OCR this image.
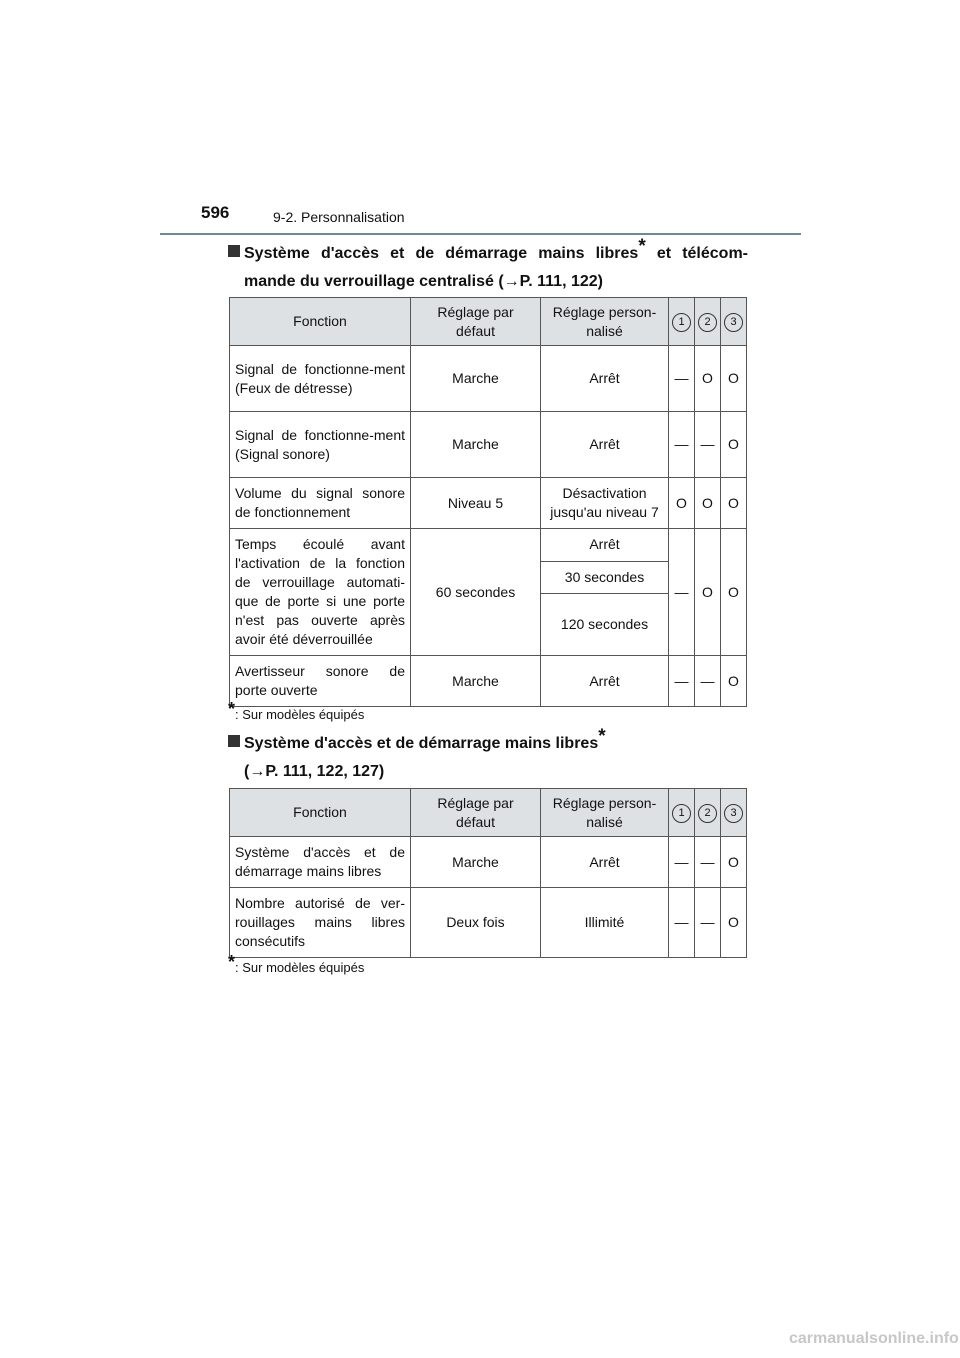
596	9-2. Personnalisation
Système d'accès et de démarrage mains libres* et télécom-
mande du verrouillage centralisé (→P. 111, 122)
Fonction	Réglage par défaut	Réglage person-nalisé	1	2	3
Signal de fonctionne-ment (Feux de détresse)	Marche	Arrêt	—	O	O
Signal de fonctionne-ment (Signal sonore)	Marche	Arrêt	—	—	O
Volume du signal sonore de fonctionnement	Niveau 5	Désactivation jusqu'au niveau 7	O	O	O
Temps écoulé avant l'activation de la fonction de verrouillage automati-que de porte si une porte n'est pas ouverte après avoir été déverrouillée	60 secondes	Arrêt	—	O	O
		30 secondes			
		120 secondes			
Avertisseur sonore de porte ouverte	Marche	Arrêt	—	—	O
*: Sur modèles équipés
Système d'accès et de démarrage mains libres*
(→P. 111, 122, 127)
Fonction	Réglage par défaut	Réglage person-nalisé	1	2	3
Système d'accès et de démarrage mains libres	Marche	Arrêt	—	—	O
Nombre autorisé de ver-rouillages mains libres consécutifs	Deux fois	Illimité	—	—	O
*: Sur modèles équipés
carmanualsonline.info
